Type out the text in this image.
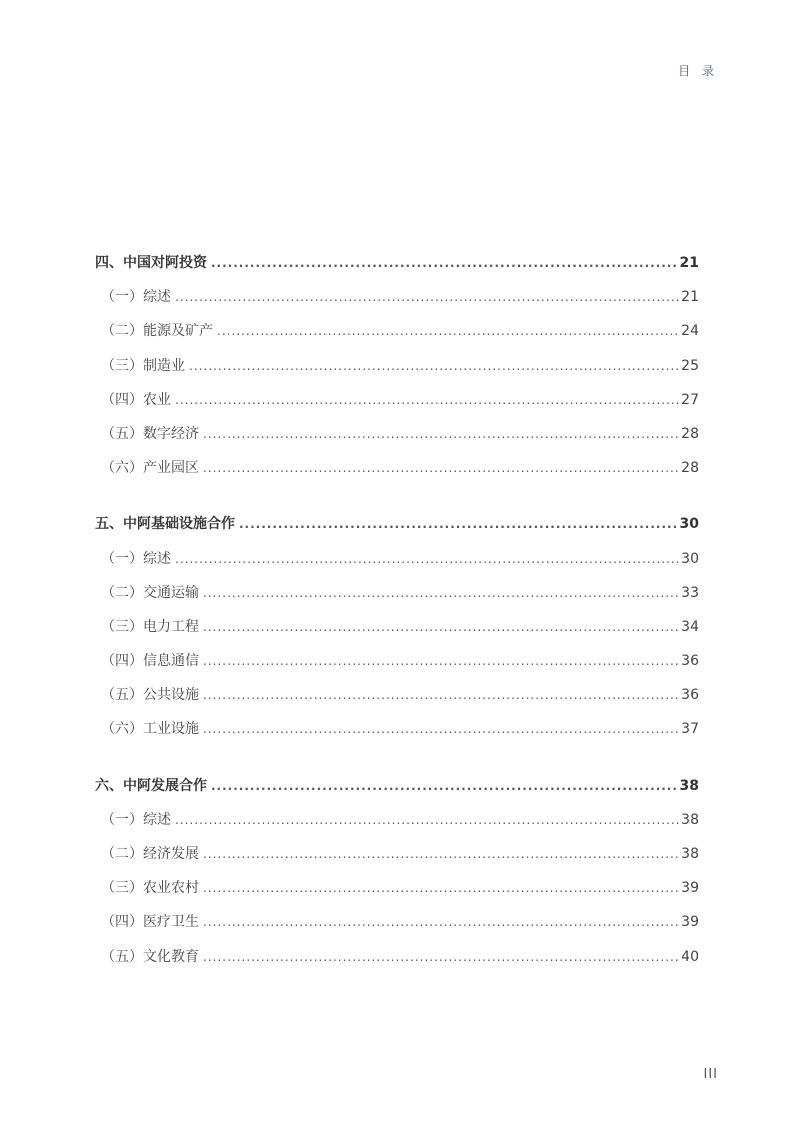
目 录
四、中国对阿投资 .....	21
（一）综述 .....	21
（二）能源及矿产 .....	24
（三）制造业 .....	25
（四）农业 .....	27
（五）数字经济 .....	28
（六）产业园区 .....	28
五、中阿基础设施合作 .....	30
（一）综述 .....	30
（二）交通运输 .....	33
（三）电力工程 .....	34
（四）信息通信 .....	36
（五）公共设施 .....	36
（六）工业设施 .....	37
六、中阿发展合作 .....	38
（一）综述 .....	38
（二）经济发展 .....	38
（三）农业农村 .....	39
（四）医疗卫生 .....	39
（五）文化教育 .....	40
III
